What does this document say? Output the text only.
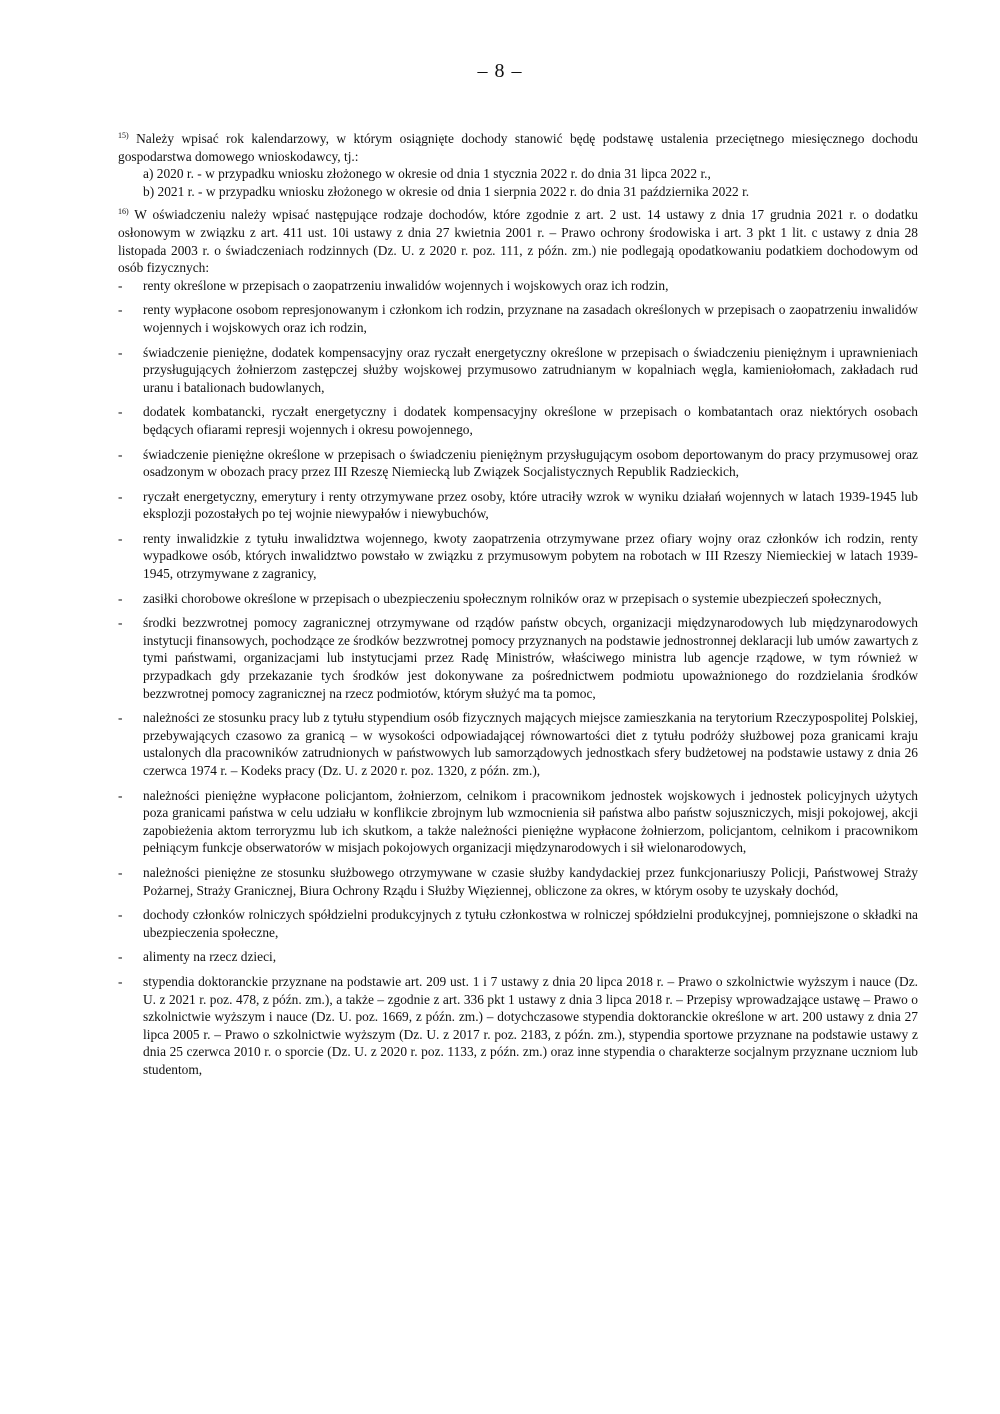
– 8 –

$^{15)}$ Należy wpisać rok kalendarzowy, w którym osiągnięte dochody stanowić będę podstawę ustalenia przeciętnego miesięcznego dochodu gospodarstwa domowego wnioskodawcy, tj.:

a) 2020 r. - w przypadku wniosku złożonego w okresie od dnia 1 stycznia 2022 r. do dnia 31 lipca 2022 r.,

b) 2021 r. - w przypadku wniosku złożonego w okresie od dnia 1 sierpnia 2022 r. do dnia 31 października 2022 r.

$^{16)}$ W oświadczeniu należy wpisać następujące rodzaje dochodów, które zgodnie z art. 2 ust. 14 ustawy z dnia 17 grudnia 2021 r. o dodatku osłonowym w związku z art. 411 ust. 10i ustawy z dnia 27 kwietnia 2001 r. – Prawo ochrony środowiska i art. 3 pkt 1 lit. c ustawy z dnia 28 listopada 2003 r. o świadczeniach rodzinnych (Dz. U. z 2020 r. poz. 111, z późn. zm.) nie podlegają opodatkowaniu podatkiem dochodowym od osób fizycznych:

- renty określone w przepisach o zaopatrzeniu inwalidów wojennych i wojskowych oraz ich rodzin,
- renty wypłacone osobom represjonowanym i członkom ich rodzin, przyznane na zasadach określonych w przepisach o zaopatrzeniu inwalidów wojennych i wojskowych oraz ich rodzin,
- świadczenie pieniężne, dodatek kompensacyjny oraz ryczałt energetyczny określone w przepisach o świadczeniu pieniężnym i uprawnieniach przysługujących żołnierzom zastępczej służby wojskowej przymusowo zatrudnianym w kopalniach węgla, kamieniołomach, zakładach rud uranu i batalionach budowlanych,
- dodatek kombatancki, ryczałt energetyczny i dodatek kompensacyjny określone w przepisach o kombatantach oraz niektórych osobach będących ofiarami represji wojennych i okresu powojennego,
- świadczenie pieniężne określone w przepisach o świadczeniu pieniężnym przysługującym osobom deportowanym do pracy przymusowej oraz osadzonym w obozach pracy przez III Rzeszę Niemiecką lub Związek Socjalistycznych Republik Radzieckich,
- ryczałt energetyczny, emerytury i renty otrzymywane przez osoby, które utraciły wzrok w wyniku działań wojennych w latach 1939-1945 lub eksplozji pozostałych po tej wojnie niewypałów i niewybuchów,
- renty inwalidzkie z tytułu inwalidztwa wojennego, kwoty zaopatrzenia otrzymywane przez ofiary wojny oraz członków ich rodzin, renty wypadkowe osób, których inwalidztwo powstało w związku z przymusowym pobytem na robotach w III Rzeszy Niemieckiej w latach 1939-1945, otrzymywane z zagranicy,
- zasiłki chorobowe określone w przepisach o ubezpieczeniu społecznym rolników oraz w przepisach o systemie ubezpieczeń społecznych,
- środki bezzwrotnej pomocy zagranicznej otrzymywane od rządów państw obcych, organizacji międzynarodowych lub międzynarodowych instytucji finansowych, pochodzące ze środków bezzwrotnej pomocy przyznanych na podstawie jednostronnej deklaracji lub umów zawartych z tymi państwami, organizacjami lub instytucjami przez Radę Ministrów, właściwego ministra lub agencje rządowe, w tym również w przypadkach gdy przekazanie tych środków jest dokonywane za pośrednictwem podmiotu upoważnionego do rozdzielania środków bezzwrotnej pomocy zagranicznej na rzecz podmiotów, którym służyć ma ta pomoc,
- należności ze stosunku pracy lub z tytułu stypendium osób fizycznych mających miejsce zamieszkania na terytorium Rzeczypospolitej Polskiej, przebywających czasowo za granicą – w wysokości odpowiadającej równowartości diet z tytułu podróży służbowej poza granicami kraju ustalonych dla pracowników zatrudnionych w państwowych lub samorządowych jednostkach sfery budżetowej na podstawie ustawy z dnia 26 czerwca 1974 r. – Kodeks pracy (Dz. U. z 2020 r. poz. 1320, z późn. zm.),
- należności pieniężne wypłacone policjantom, żołnierzom, celnikom i pracownikom jednostek wojskowych i jednostek policyjnych użytych poza granicami państwa w celu udziału w konflikcie zbrojnym lub wzmocnienia sił państwa albo państw sojuszniczych, misji pokojowej, akcji zapobieżenia aktom terroryzmu lub ich skutkom, a także należności pieniężne wypłacone żołnierzom, policjantom, celnikom i pracownikom pełniącym funkcje obserwatorów w misjach pokojowych organizacji międzynarodowych i sił wielonarodowych,
- należności pieniężne ze stosunku służbowego otrzymywane w czasie służby kandydackiej przez funkcjonariuszy Policji, Państwowej Straży Pożarnej, Straży Granicznej, Biura Ochrony Rządu i Służby Więziennej, obliczone za okres, w którym osoby te uzyskały dochód,
- dochody członków rolniczych spółdzielni produkcyjnych z tytułu członkostwa w rolniczej spółdzielni produkcyjnej, pomniejszone o składki na ubezpieczenia społeczne,
- alimenty na rzecz dzieci,
- stypendia doktoranckie przyznane na podstawie art. 209 ust. 1 i 7 ustawy z dnia 20 lipca 2018 r. – Prawo o szkolnictwie wyższym i nauce (Dz. U. z 2021 r. poz. 478, z późn. zm.), a także – zgodnie z art. 336 pkt 1 ustawy z dnia 3 lipca 2018 r. – Przepisy wprowadzające ustawę – Prawo o szkolnictwie wyższym i nauce (Dz. U. poz. 1669, z późn. zm.) – dotychczasowe stypendia doktoranckie określone w art. 200 ustawy z dnia 27 lipca 2005 r. – Prawo o szkolnictwie wyższym (Dz. U. z 2017 r. poz. 2183, z późn. zm.), stypendia sportowe przyznane na podstawie ustawy z dnia 25 czerwca 2010 r. o sporcie (Dz. U. z 2020 r. poz. 1133, z późn. zm.) oraz inne stypendia o charakterze socjalnym przyznane uczniom lub studentom,
